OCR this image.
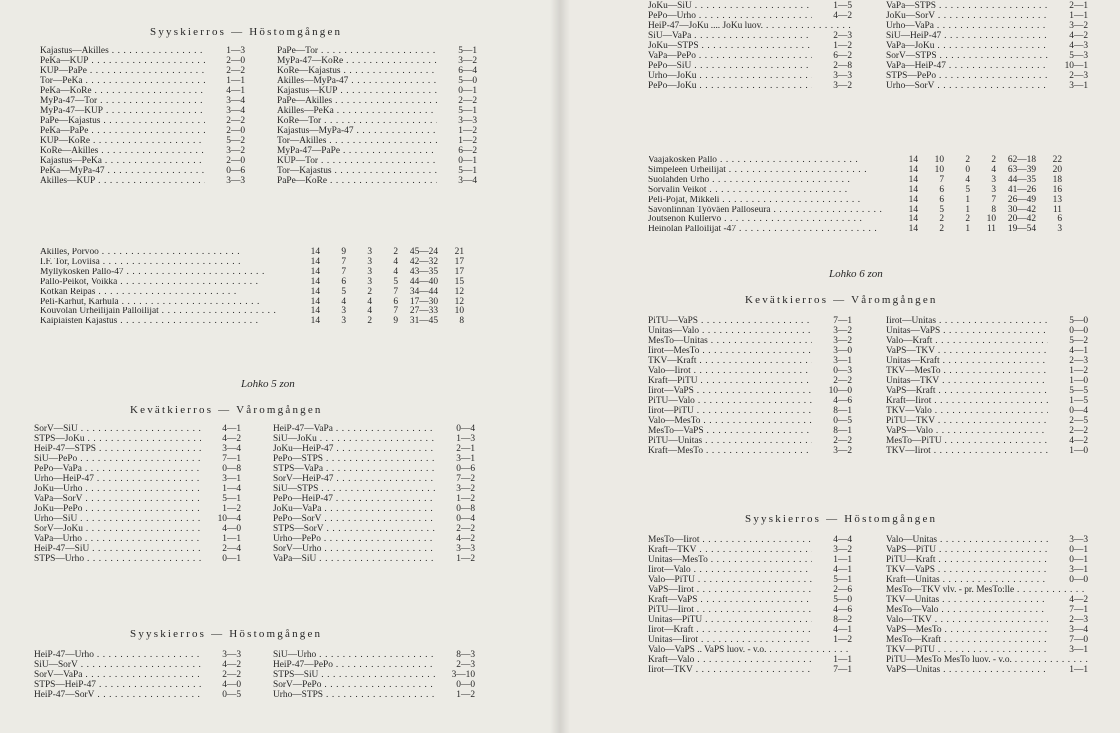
Syyskierros — Höstomgången
Kajastus—Akilles . . .	1—3
PeKa—KUP . . .	2—0
KUP—PaPe . . .	2—2
Tor—PeKa . . .	1—1
PeKa—KoRe . . .	4—1
MyPa-47—Tor . . .	3—4
MyPa-47—KUP . . .	3—4
PaPe—Kajastus . . .	2—2
PeKa—PaPe . . .	2—0
KUP—KoRe . . .	5—2
KoRe—Akilles . . .	3—2
Kajastus—PeKa . . .	2—0
PeKa—MyPa-47 . . .	0—6
Akilles—KUP . . .	3—3
PaPe—Tor . . .	5—1
MyPa-47—KoRe . . .	3—2
KoRe—Kajastus . . .	6—4
Akilles—MyPa-47 . . .	5—0
Kajastus—KUP . . .	0—1
PaPe—Akilles . . .	2—2
Akilles—PeKa . . .	5—1
KoRe—Tor . . .	3—3
Kajastus—MyPa-47 . . .	1—2
Tor—Akilles . . .	1—2
MyPa-47—PaPe . . .	6—2
KUP—Tor . . .	0—1
Tor—Kajastus . . .	5—1
PaPe—KoRe . . .	3—4
Akilles, Porvoo . . .	14	9	3	2	45—24	21
I.F. Tor, Loviisa . . .	14	7	3	4	42—32	17
Myllykosken Pallo-47 . . .	14	7	3	4	43—35	17
Pallo-Peikot, Voikka . . .	14	6	3	5	44—40	15
Kotkan Reipas . . .	14	5	2	7	34—44	12
Peli-Karhut, Karhula . . .	14	4	4	6	17—30	12
Kouvolan Urheilijain Palloilijat . . .	14	3	4	7	27—33	10
Kaipiaisten Kajastus . . .	14	3	2	9	31—45	8
Lohko 5 zon
Kevätkierros — Våromgången
SorV—SiU . . .	4—1
STPS—JoKu . . .	4—2
HeiP-47—STPS . . .	3—4
SiU—PePo . . .	7—1
PePo—VaPa . . .	0—8
Urho—HeiP-47 . . .	3—1
JoKu—Urho . . .	1—4
VaPa—SorV . . .	5—1
JoKu—PePo . . .	1—2
Urho—SiU . . .	10—4
SorV—JoKu . . .	4—0
VaPa—Urho . . .	1—1
HeiP-47—SiU . . .	2—4
STPS—Urho . . .	0—1
HeiP-47—VaPa . . .	0—4
SiU—JoKu . . .	1—3
JoKu—HeiP-47 . . .	2—1
PePo—STPS . . .	3—1
STPS—VaPa . . .	0—6
SorV—HeiP-47 . . .	7—2
SiU—STPS . . .	3—2
PePo—HeiP-47 . . .	1—2
JoKu—VaPa . . .	0—8
PePo—SorV . . .	0—4
STPS—SorV . . .	2—2
Urho—PePo . . .	4—2
SorV—Urho . . .	3—3
VaPa—SiU . . .	1—2
Syyskierros — Höstomgången
HeiP-47—Urho . . .	3—3
SiU—SorV . . .	4—2
SorV—VaPa . . .	2—2
STPS—HeiP-47 . . .	4—0
HeiP-47—SorV . . .	0—5
SiU—Urho . . .	8—3
HeiP-47—PePo . . .	2—3
STPS—SiU . . .	3—10
SorV—PePo . . .	0—0
Urho—STPS . . .	1—2
JoKu—SiU . . .	1—5
PePo—Urho . . .	4—2
HeiP-47—JoKu .... JoKu luov. . . .
SiU—VaPa . . .	2—3
JoKu—STPS . . .	1—2
VaPa—PePo . . .	6—2
PePo—SiU . . .	2—8
Urho—JoKu . . .	3—3
PePo—JoKu . . .	3—2
VaPa—STPS . . .	2—1
JoKu—SorV . . .	1—1
Urho—VaPa . . .	3—2
SiU—HeiP-47 . . .	4—2
VaPa—JoKu . . .	4—3
SorV—STPS . . .	5—3
VaPa—HeiP-47 . . .	10—1
STPS—PePo . . .	2—3
Urho—SorV . . .	3—1
Vaajakosken Pallo . . .	14	10	2	2	62—18	22
Simpeleen Urheilijat . . .	14	10	0	4	63—39	20
Suolahden Urho . . .	14	7	4	3	44—35	18
Sorvalin Veikot . . .	14	6	5	3	41—26	16
Peli-Pojat, Mikkeli . . .	14	6	1	7	26—49	13
Savonlinnan Työväen Palloseura . . .	14	5	1	8	30—42	11
Joutsenon Kullervo . . .	14	2	2	10	20—42	6
Heinolan Palloilijat -47 . . .	14	2	1	11	19—54	3
Lohko 6 zon
Kevätkierros — Våromgången
PiTU—VaPS . . .	7—1
Unitas—Valo . . .	3—2
MesTo—Unitas . . .	3—2
Iirot—MesTo . . .	3—0
TKV—Kraft . . .	3—1
Valo—Iirot . . .	0—3
Kraft—PiTU . . .	2—2
Iirot—VaPS . . .	10—0
PiTU—Valo . . .	4—6
Iirot—PiTU . . .	8—1
Valo—MesTo . . .	0—5
MesTo—VaPS . . .	8—1
PiTU—Unitas . . .	2—2
Kraft—MesTo . . .	3—2
Iirot—Unitas . . .	5—0
Unitas—VaPS . . .	0—0
Valo—Kraft . . .	5—2
VaPS—TKV . . .	4—1
Unitas—Kraft . . .	2—3
TKV—MesTo . . .	1—2
Unitas—TKV . . .	1—0
VaPS—Kraft . . .	5—5
Kraft—Iirot . . .	1—5
TKV—Valo . . .	0—4
PiTU—TKV . . .	2—5
VaPS—Valo . . .	2—2
MesTo—PiTU . . .	4—2
TKV—Iirot . . .	1—0
Syyskierros — Höstomgången
MesTo—Iirot . . .	4—4
Kraft—TKV . . .	3—2
Unitas—MesTo . . .	1—1
Iirot—Valo . . .	4—1
Valo—PiTU . . .	5—1
VaPS—Iirot . . .	2—6
Kraft—VaPS . . .	5—0
PiTU—Iirot . . .	4—6
Unitas—PiTU . . .	8—2
Iirot—Kraft . . .	4—1
Unitas—Iirot . . .	1—2
Valo—VaPS .. VaPS luov. - v.o. . . .
Kraft—Valo . . .	1—1
Iirot—TKV . . .	7—1
Valo—Unitas . . .	3—3
VaPS—PiTU . . .	0—1
PiTU—Kraft . . .	0—1
TKV—VaPS . . .	3—1
Kraft—Unitas . . .	0—0
MesTo—TKV vlv. - pr. MesTo:lle . . .
TKV—Unitas . . .	4—2
MesTo—Valo . . .	7—1
Valo—TKV . . .	2—3
VaPS—MesTo . . .	3—4
MesTo—Kraft . . .	7—0
TKV—PiTU . . .	3—1
PiTU—MesTo MesTo luov. - v.o. . . .
VaPS—Unitas . . .	1—1
